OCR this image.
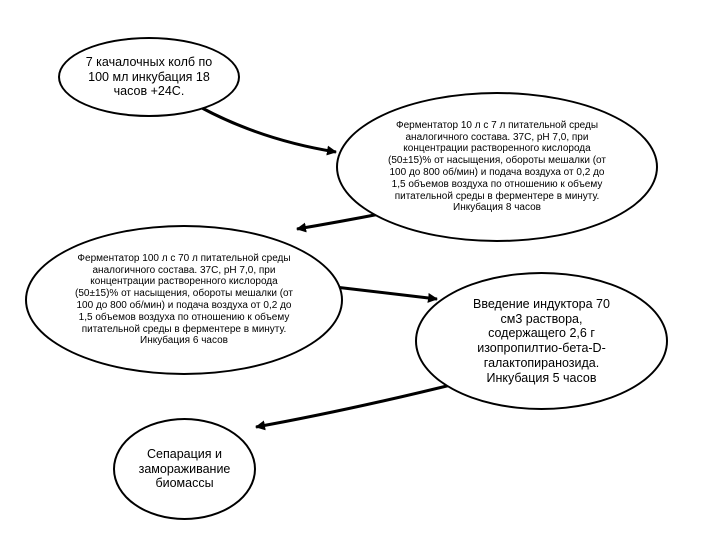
7 качалочных колб по
100 мл инкубация 18
часов +24С.

Ферментатор 10 л с 7 л питательной среды
аналогичного состава. 37С, рН 7,0, при
концентрации растворенного кислорода
(50±15)% от насыщения, обороты мешалки (от
100 до 800 об/мин) и подача воздуха от 0,2 до
1,5 объемов воздуха по отношению к объему
питательной среды в ферментере в минуту.
Инкубация 8 часов

Ферментатор 100 л с 70 л питательной среды
аналогичного состава. 37С, рН 7,0, при
концентрации растворенного кислорода
(50±15)% от насыщения, обороты мешалки (от
100 до 800 об/мин) и подача воздуха от 0,2 до
1,5 объемов воздуха по отношению к объему
питательной среды в ферментере в минуту.
Инкубация 6 часов

Введение индуктора 70
см3 раствора,
содержащего 2,6 г
изопропилтио-бета-D-
галактопиранозида.
Инкубация 5 часов

Сепарация и
замораживание
биомассы
